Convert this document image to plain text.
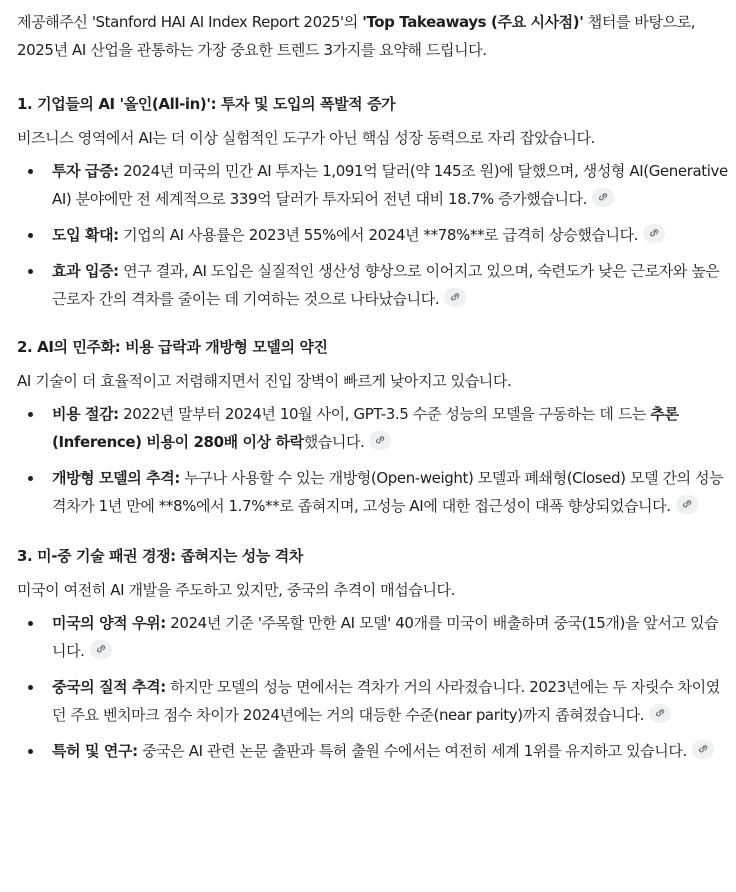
제공해주신 'Stanford HAI AI Index Report 2025'의 'Top Takeaways (주요 시사점)' 챕터를 바탕으로, 2025년 AI 산업을 관통하는 가장 중요한 트렌드 3가지를 요약해 드립니다.

1. 기업들의 AI '올인(All-in)': 투자 및 도입의 폭발적 증가

비즈니스 영역에서 AI는 더 이상 실험적인 도구가 아닌 핵심 성장 동력으로 자리 잡았습니다.

투자 급증: 2024년 미국의 민간 AI 투자는 1,091억 달러(약 145조 원)에 달했으며, 생성형 AI(Generative AI) 분야에만 전 세계적으로 339억 달러가 투자되어 전년 대비 18.7% 증가했습니다.
도입 확대: 기업의 AI 사용률은 2023년 55%에서 2024년 **78%**로 급격히 상승했습니다.
효과 입증: 연구 결과, AI 도입은 실질적인 생산성 향상으로 이어지고 있으며, 숙련도가 낮은 근로자와 높은 근로자 간의 격차를 줄이는 데 기여하는 것으로 나타났습니다.
2. AI의 민주화: 비용 급락과 개방형 모델의 약진

AI 기술이 더 효율적이고 저렴해지면서 진입 장벽이 빠르게 낮아지고 있습니다.

비용 절감: 2022년 말부터 2024년 10월 사이, GPT-3.5 수준 성능의 모델을 구동하는 데 드는 추론(Inference) 비용이 280배 이상 하락했습니다.
개방형 모델의 추격: 누구나 사용할 수 있는 개방형(Open-weight) 모델과 폐쇄형(Closed) 모델 간의 성능 격차가 1년 만에 **8%에서 1.7%**로 좁혀지며, 고성능 AI에 대한 접근성이 대폭 향상되었습니다.
3. 미-중 기술 패권 경쟁: 좁혀지는 성능 격차

미국이 여전히 AI 개발을 주도하고 있지만, 중국의 추격이 매섭습니다.

미국의 양적 우위: 2024년 기준 '주목할 만한 AI 모델' 40개를 미국이 배출하며 중국(15개)을 앞서고 있습니다.
중국의 질적 추격: 하지만 모델의 성능 면에서는 격차가 거의 사라졌습니다. 2023년에는 두 자릿수 차이였던 주요 벤치마크 점수 차이가 2024년에는 거의 대등한 수준(near parity)까지 좁혀졌습니다.
특허 및 연구: 중국은 AI 관련 논문 출판과 특허 출원 수에서는 여전히 세계 1위를 유지하고 있습니다.
